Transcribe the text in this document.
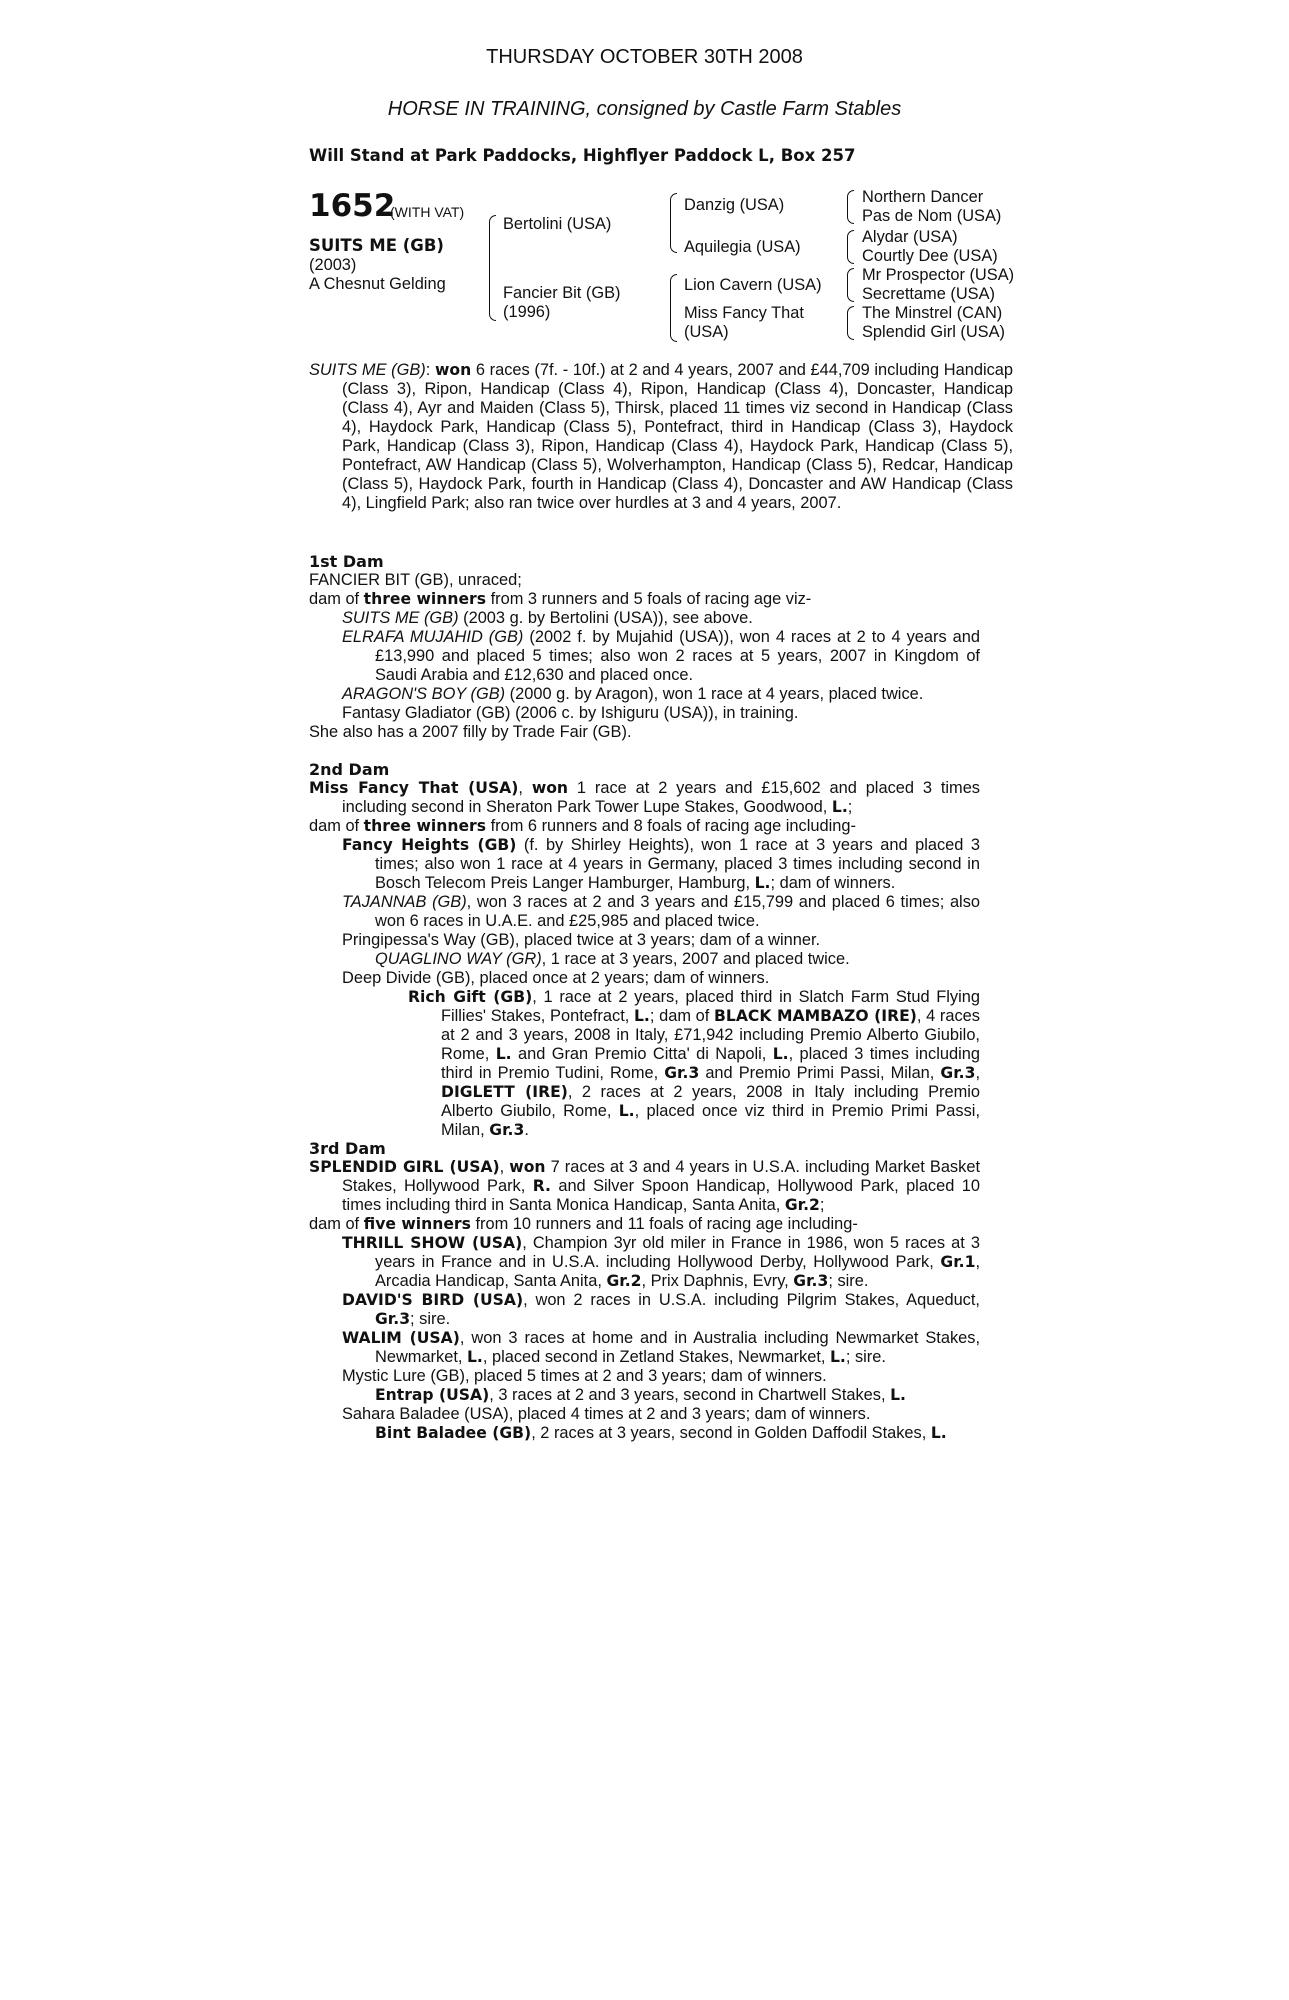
THURSDAY OCTOBER 30TH 2008
HORSE IN TRAINING, consigned by Castle Farm Stables
Will Stand at Park Paddocks, Highflyer Paddock L, Box 257
1652
(WITH VAT)
SUITS ME (GB)
(2003)
A Chesnut Gelding
Bertolini (USA)
Fancier Bit (GB)
(1996)
Danzig (USA)
Aquilegia (USA)
Lion Cavern (USA)
Miss Fancy That
(USA)
Northern Dancer
Pas de Nom (USA)
Alydar (USA)
Courtly Dee (USA)
Mr Prospector (USA)
Secrettame (USA)
The Minstrel (CAN)
Splendid Girl (USA)
SUITS ME (GB): won 6 races (7f. - 10f.) at 2 and 4 years, 2007 and £44,709 including Handicap (Class 3), Ripon, Handicap (Class 4), Ripon, Handicap (Class 4), Doncaster, Handicap (Class 4), Ayr and Maiden (Class 5), Thirsk, placed 11 times viz second in Handicap (Class 4), Haydock Park, Handicap (Class 5), Pontefract, third in Handicap (Class 3), Haydock Park, Handicap (Class 3), Ripon, Handicap (Class 4), Haydock Park, Handicap (Class 5), Pontefract, AW Handicap (Class 5), Wolverhampton, Handicap (Class 5), Redcar, Handicap (Class 5), Haydock Park, fourth in Handicap (Class 4), Doncaster and AW Handicap (Class 4), Lingfield Park; also ran twice over hurdles at 3 and 4 years, 2007.
1st Dam
FANCIER BIT (GB), unraced;
dam of three winners from 3 runners and 5 foals of racing age viz-
SUITS ME (GB) (2003 g. by Bertolini (USA)), see above.
ELRAFA MUJAHID (GB) (2002 f. by Mujahid (USA)), won 4 races at 2 to 4 years and £13,990 and placed 5 times; also won 2 races at 5 years, 2007 in Kingdom of Saudi Arabia and £12,630 and placed once.
ARAGON'S BOY (GB) (2000 g. by Aragon), won 1 race at 4 years, placed twice.
Fantasy Gladiator (GB) (2006 c. by Ishiguru (USA)), in training.
She also has a 2007 filly by Trade Fair (GB).
2nd Dam
Miss Fancy That (USA), won 1 race at 2 years and £15,602 and placed 3 times including second in Sheraton Park Tower Lupe Stakes, Goodwood, L.;
dam of three winners from 6 runners and 8 foals of racing age including-
Fancy Heights (GB) (f. by Shirley Heights), won 1 race at 3 years and placed 3 times; also won 1 race at 4 years in Germany, placed 3 times including second in Bosch Telecom Preis Langer Hamburger, Hamburg, L.; dam of winners.
TAJANNAB (GB), won 3 races at 2 and 3 years and £15,799 and placed 6 times; also won 6 races in U.A.E. and £25,985 and placed twice.
Pringipessa's Way (GB), placed twice at 3 years; dam of a winner.
QUAGLINO WAY (GR), 1 race at 3 years, 2007 and placed twice.
Deep Divide (GB), placed once at 2 years; dam of winners.
Rich Gift (GB), 1 race at 2 years, placed third in Slatch Farm Stud Flying Fillies' Stakes, Pontefract, L.; dam of BLACK MAMBAZO (IRE), 4 races at 2 and 3 years, 2008 in Italy, £71,942 including Premio Alberto Giubilo, Rome, L. and Gran Premio Citta' di Napoli, L., placed 3 times including third in Premio Tudini, Rome, Gr.3 and Premio Primi Passi, Milan, Gr.3, DIGLETT (IRE), 2 races at 2 years, 2008 in Italy including Premio Alberto Giubilo, Rome, L., placed once viz third in Premio Primi Passi, Milan, Gr.3.
3rd Dam
SPLENDID GIRL (USA), won 7 races at 3 and 4 years in U.S.A. including Market Basket Stakes, Hollywood Park, R. and Silver Spoon Handicap, Hollywood Park, placed 10 times including third in Santa Monica Handicap, Santa Anita, Gr.2;
dam of five winners from 10 runners and 11 foals of racing age including-
THRILL SHOW (USA), Champion 3yr old miler in France in 1986, won 5 races at 3 years in France and in U.S.A. including Hollywood Derby, Hollywood Park, Gr.1, Arcadia Handicap, Santa Anita, Gr.2, Prix Daphnis, Evry, Gr.3; sire.
DAVID'S BIRD (USA), won 2 races in U.S.A. including Pilgrim Stakes, Aqueduct, Gr.3; sire.
WALIM (USA), won 3 races at home and in Australia including Newmarket Stakes, Newmarket, L., placed second in Zetland Stakes, Newmarket, L.; sire.
Mystic Lure (GB), placed 5 times at 2 and 3 years; dam of winners.
Entrap (USA), 3 races at 2 and 3 years, second in Chartwell Stakes, L.
Sahara Baladee (USA), placed 4 times at 2 and 3 years; dam of winners.
Bint Baladee (GB), 2 races at 3 years, second in Golden Daffodil Stakes, L.
